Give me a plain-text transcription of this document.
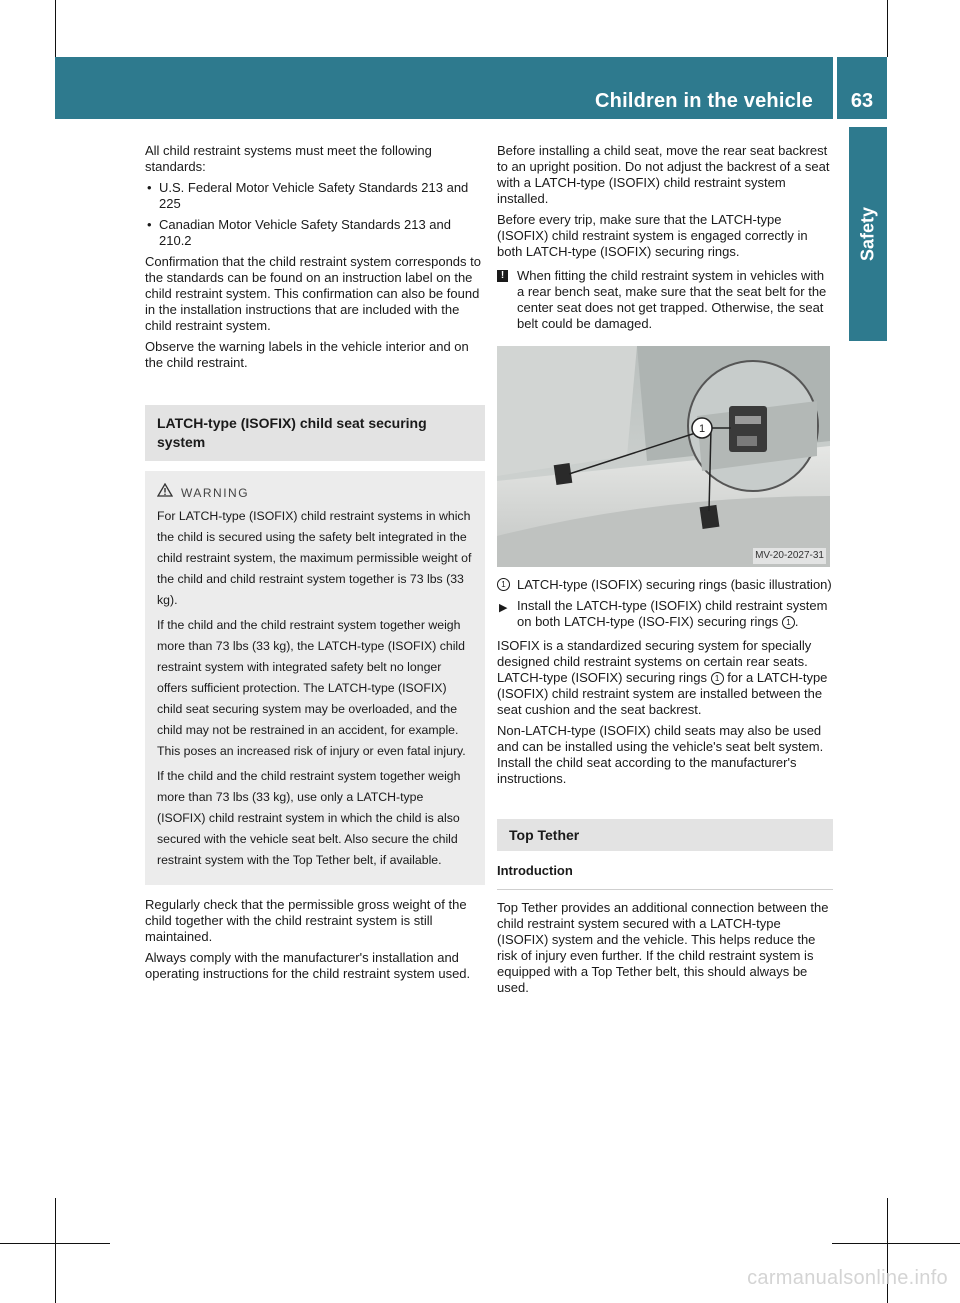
Children in the vehicle	63
Safety

All child restraint systems must meet the following standards:

• U.S. Federal Motor Vehicle Safety Standards 213 and 225
• Canadian Motor Vehicle Safety Standards 213 and 210.2

Confirmation that the child restraint system corresponds to the standards can be found on an instruction label on the child restraint system. This confirmation can also be found in the installation instructions that are included with the child restraint system.

Observe the warning labels in the vehicle interior and on the child restraint.

LATCH-type (ISOFIX) child seat securing system
WARNING

For LATCH-type (ISOFIX) child restraint systems in which the child is secured using the safety belt integrated in the child restraint system, the maximum permissible weight of the child and child restraint system together is 73 lbs (33 kg).

If the child and the child restraint system together weigh more than 73 lbs (33 kg), the LATCH-type (ISOFIX) child restraint system with integrated safety belt no longer offers sufficient protection. The LATCH-type (ISOFIX) child seat securing system may be overloaded, and the child may not be restrained in an accident, for example. This poses an increased risk of injury or even fatal injury.

If the child and the child restraint system together weigh more than 73 lbs (33 kg), use only a LATCH-type (ISOFIX) child restraint system in which the child is also secured with the vehicle seat belt. Also secure the child restraint system with the Top Tether belt, if available.

Regularly check that the permissible gross weight of the child together with the child restraint system is still maintained.

Always comply with the manufacturer's installation and operating instructions for the child restraint system used.

Before installing a child seat, move the rear seat backrest to an upright position. Do not adjust the backrest of a seat with a LATCH-type (ISOFIX) child restraint system installed.

Before every trip, make sure that the LATCH-type (ISOFIX) child restraint system is engaged correctly in both LATCH-type (ISOFIX) securing rings.

! When fitting the child restraint system in vehicles with a rear bench seat, make sure that the seat belt for the center seat does not get trapped. Otherwise, the seat belt could be damaged.
1
MV-20-2027-31
1 LATCH-type (ISOFIX) securing rings (basic illustration)
▶ Install the LATCH-type (ISOFIX) child restraint system on both LATCH-type (ISO-FIX) securing rings 1 .

ISOFIX is a standardized securing system for specially designed child restraint systems on certain rear seats. LATCH-type (ISOFIX) securing rings 1 for a LATCH-type (ISOFIX) child restraint system are installed between the seat cushion and the seat backrest.

Non-LATCH-type (ISOFIX) child seats may also be used and can be installed using the vehicle's seat belt system. Install the child seat according to the manufacturer's instructions.

Top Tether
Introduction

Top Tether provides an additional connection between the child restraint system secured with a LATCH-type (ISOFIX) system and the vehicle. This helps reduce the risk of injury even further. If the child restraint system is equipped with a Top Tether belt, this should always be used.

carmanualsonline.info
